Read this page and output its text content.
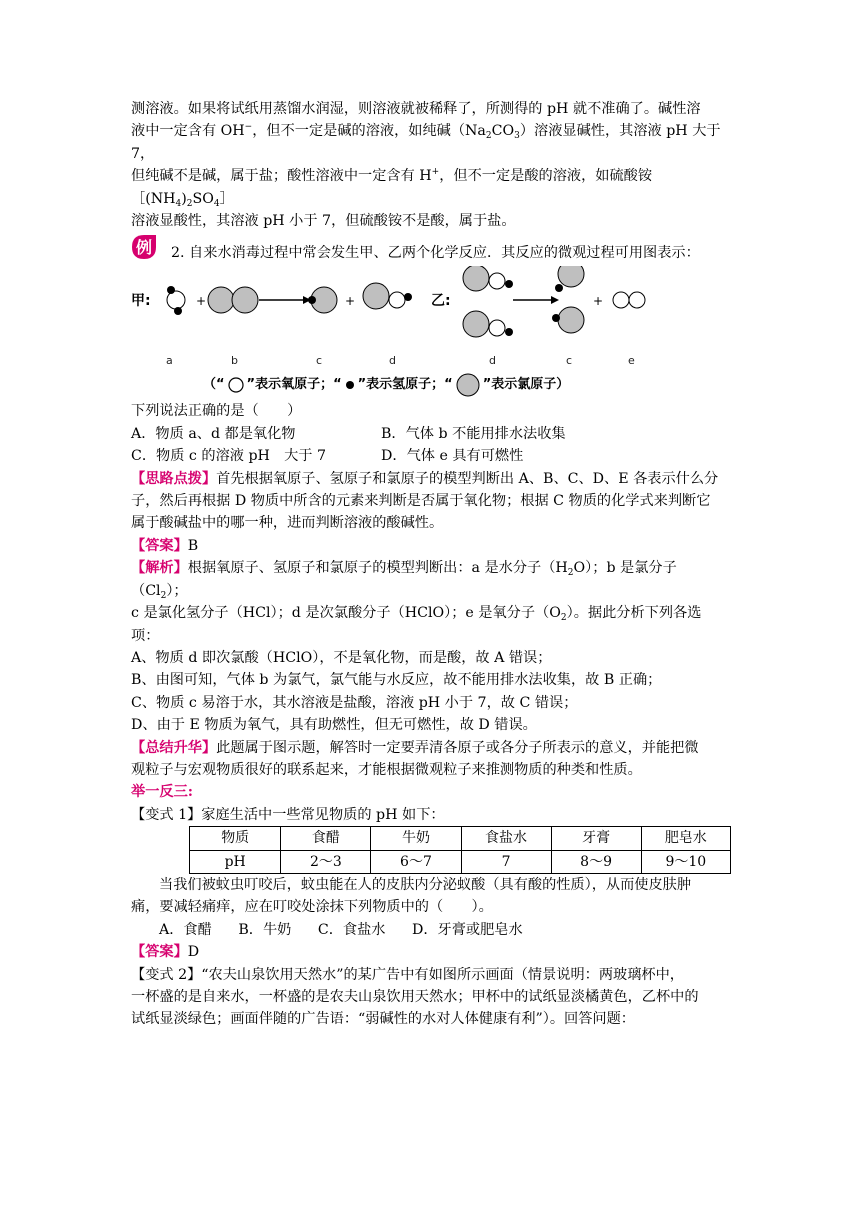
测溶液。如果将试纸用蒸馏水润湿，则溶液就被稀释了，所测得的 pH 就不准确了。碱性溶

液中一定含有 OH−，但不一定是碱的溶液，如纯碱$(Na_2CO_3)$溶液显碱性，其溶液 pH 大于 7，

但纯碱不是碱，属于盐；酸性溶液中一定含有 H+，但不一定是酸的溶液，如硫酸铵$[(NH_4)_2SO_4]$

溶液显酸性，其溶液 pH 小于 7，但硫酸铵不是酸，属于盐。

例 2. 自来水消毒过程中常会发生甲、乙两个化学反应．其反应的微观过程可用图表示：
甲:	+	+	乙:	+
a	b	c	d	d	c	e
（“ ”表示氧原子；“ ”表示氢原子；“ ”表示氯原子）

下列说法正确的是（　　）

A．物质 a、d 都是氧化物	B．气体 b 不能用排水法收集
C．物质 c 的溶液 pH　大于 7	D．气体 e 具有可燃性

【思路点拨】首先根据氧原子、氢原子和氯原子的模型判断出 A、B、C、D、E 各表示什么分

子，然后再根据 D 物质中所含的元素来判断是否属于氧化物；根据 C 物质的化学式来判断它

属于酸碱盐中的哪一种，进而判断溶液的酸碱性。

【答案】B

【解析】根据氧原子、氢原子和氯原子的模型判断出：a 是水分子$(H_2O)$；b 是氯分子$(Cl_2)$；

c 是氯化氢分子（HCl）；d 是次氯酸分子（HClO）；e 是氧分子$(O_2)$。据此分析下列各选

项：

A、物质 d 即次氯酸（HClO），不是氧化物，而是酸，故 A 错误；

B、由图可知，气体 b 为氯气，氯气能与水反应，故不能用排水法收集，故 B 正确；

C、物质 c 易溶于水，其水溶液是盐酸，溶液 pH 小于 7，故 C 错误；

D、由于 E 物质为氧气，具有助燃性，但无可燃性，故 D 错误。

【总结升华】此题属于图示题，解答时一定要弄清各原子或各分子所表示的意义，并能把微

观粒子与宏观物质很好的联系起来，才能根据微观粒子来推测物质的种类和性质。

举一反三:

【变式 1】家庭生活中一些常见物质的 pH 如下：

物质	食醋	牛奶	食盐水	牙膏	肥皂水
pH	2～3	6～7	7	8～9	9～10

当我们被蚊虫叮咬后，蚊虫能在人的皮肤内分泌蚁酸（具有酸的性质），从而使皮肤肿

痛，要减轻痛痒，应在叮咬处涂抹下列物质中的（　　）。

A．食醋 B．牛奶 C．食盐水 D．牙膏或肥皂水

【答案】D

【变式 2】“农夫山泉饮用天然水”的某广告中有如图所示画面（情景说明：两玻璃杯中，

一杯盛的是自来水，一杯盛的是农夫山泉饮用天然水；甲杯中的试纸显淡橘黄色，乙杯中的

试纸显淡绿色；画面伴随的广告语：“弱碱性的水对人体健康有利”）。回答问题：
